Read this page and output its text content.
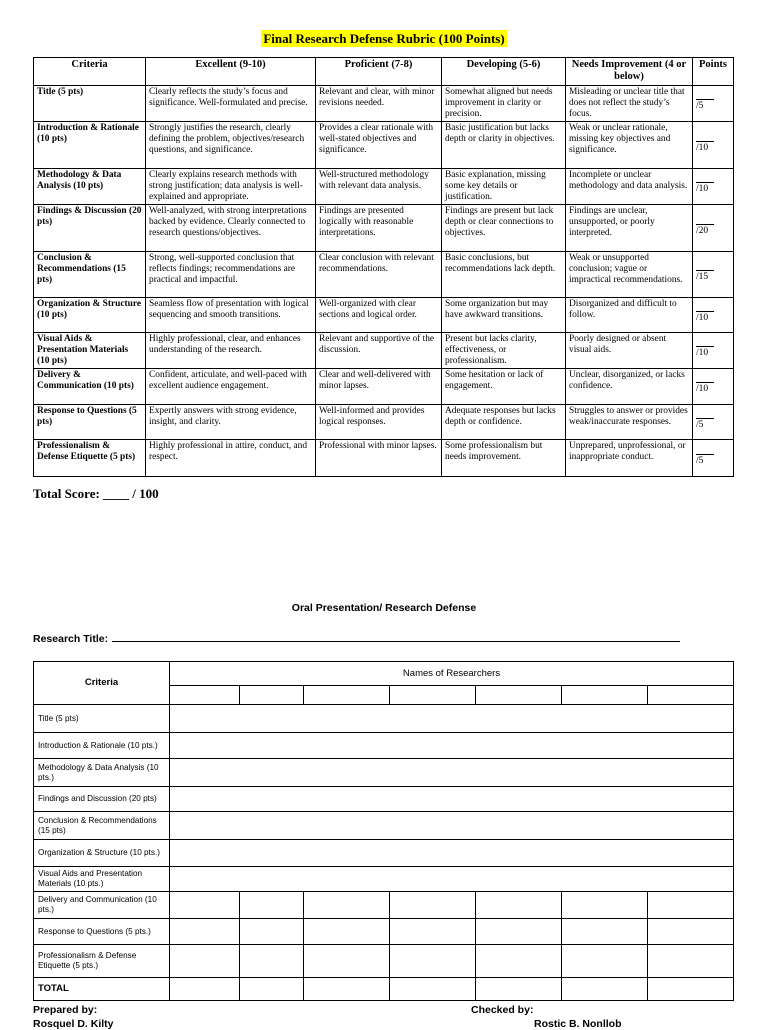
Final Research Defense Rubric (100 Points)
Criteria	Excellent (9-10)	Proficient (7-8)	Developing (5-6)	Needs Improvement (4 or below)	Points
Title (5 pts)	Clearly reflects the study’s focus and significance. Well-formulated and precise.	Relevant and clear, with minor revisions needed.	Somewhat aligned but needs improvement in clarity or precision.	Misleading or unclear title that does not reflect the study’s focus.	/5

Introduction & Rationale (10 pts)	Strongly justifies the research, clearly defining the problem, objectives/research questions, and significance.	Provides a clear rationale with well-stated objectives and significance.	Basic justification but lacks depth or clarity in objectives.	Weak or unclear rationale, missing key objectives and significance.	/10

Methodology & Data Analysis (10 pts)	Clearly explains research methods with strong justification; data analysis is well-explained and appropriate.	Well-structured methodology with relevant data analysis.	Basic explanation, missing some key details or justification.	Incomplete or unclear methodology and data analysis.	/10

Findings & Discussion (20 pts)	Well-analyzed, with strong interpretations backed by evidence. Clearly connected to research questions/objectives.	Findings are presented logically with reasonable interpretations.	Findings are present but lack depth or clear connections to objectives.	Findings are unclear, unsupported, or poorly interpreted.	/20

Conclusion & Recommendations (15 pts)	Strong, well-supported conclusion that reflects findings; recommendations are practical and impactful.	Clear conclusion with relevant recommendations.	Basic conclusions, but recommendations lack depth.	Weak or unsupported conclusion; vague or impractical recommendations.	/15

Organization & Structure (10 pts)	Seamless flow of presentation with logical sequencing and smooth transitions.	Well-organized with clear sections and logical order.	Some organization but may have awkward transitions.	Disorganized and difficult to follow.	/10

Visual Aids & Presentation Materials (10 pts)	Highly professional, clear, and enhances understanding of the research.	Relevant and supportive of the discussion.	Present but lacks clarity, effectiveness, or professionalism.	Poorly designed or absent visual aids.	/10

Delivery & Communication (10 pts)	Confident, articulate, and well-paced with excellent audience engagement.	Clear and well-delivered with minor lapses.	Some hesitation or lack of engagement.	Unclear, disorganized, or lacks confidence.	/10

Response to Questions (5 pts)	Expertly answers with strong evidence, insight, and clarity.	Well-informed and provides logical responses.	Adequate responses but lacks depth or confidence.	Struggles to answer or provides weak/inaccurate responses.	/5

Professionalism & Defense Etiquette (5 pts)	Highly professional in attire, conduct, and respect.	Professional with minor lapses.	Some professionalism but needs improvement.	Unprepared, unprofessional, or inappropriate conduct.	/5
Total Score: ____ / 100
Oral Presentation/ Research Defense
Research Title:
Criteria	Names of Researchers						

Title (5 pts)							
Introduction & Rationale (10 pts.)							
Methodology & Data Analysis (10 pts.)							
Findings and Discussion (20 pts)							
Conclusion & Recommendations (15 pts)							
Organization & Structure (10 pts.)							
Visual Aids and Presentation Materials (10 pts.)							
Delivery and Communication (10 pts.)							
Response to Questions (5 pts.)							
Professionalism & Defense Etiquette (5 pts.)							
TOTAL							
Prepared by:
Rosquel D. Kilty
Checked by:
Rostic B. Nonllob
